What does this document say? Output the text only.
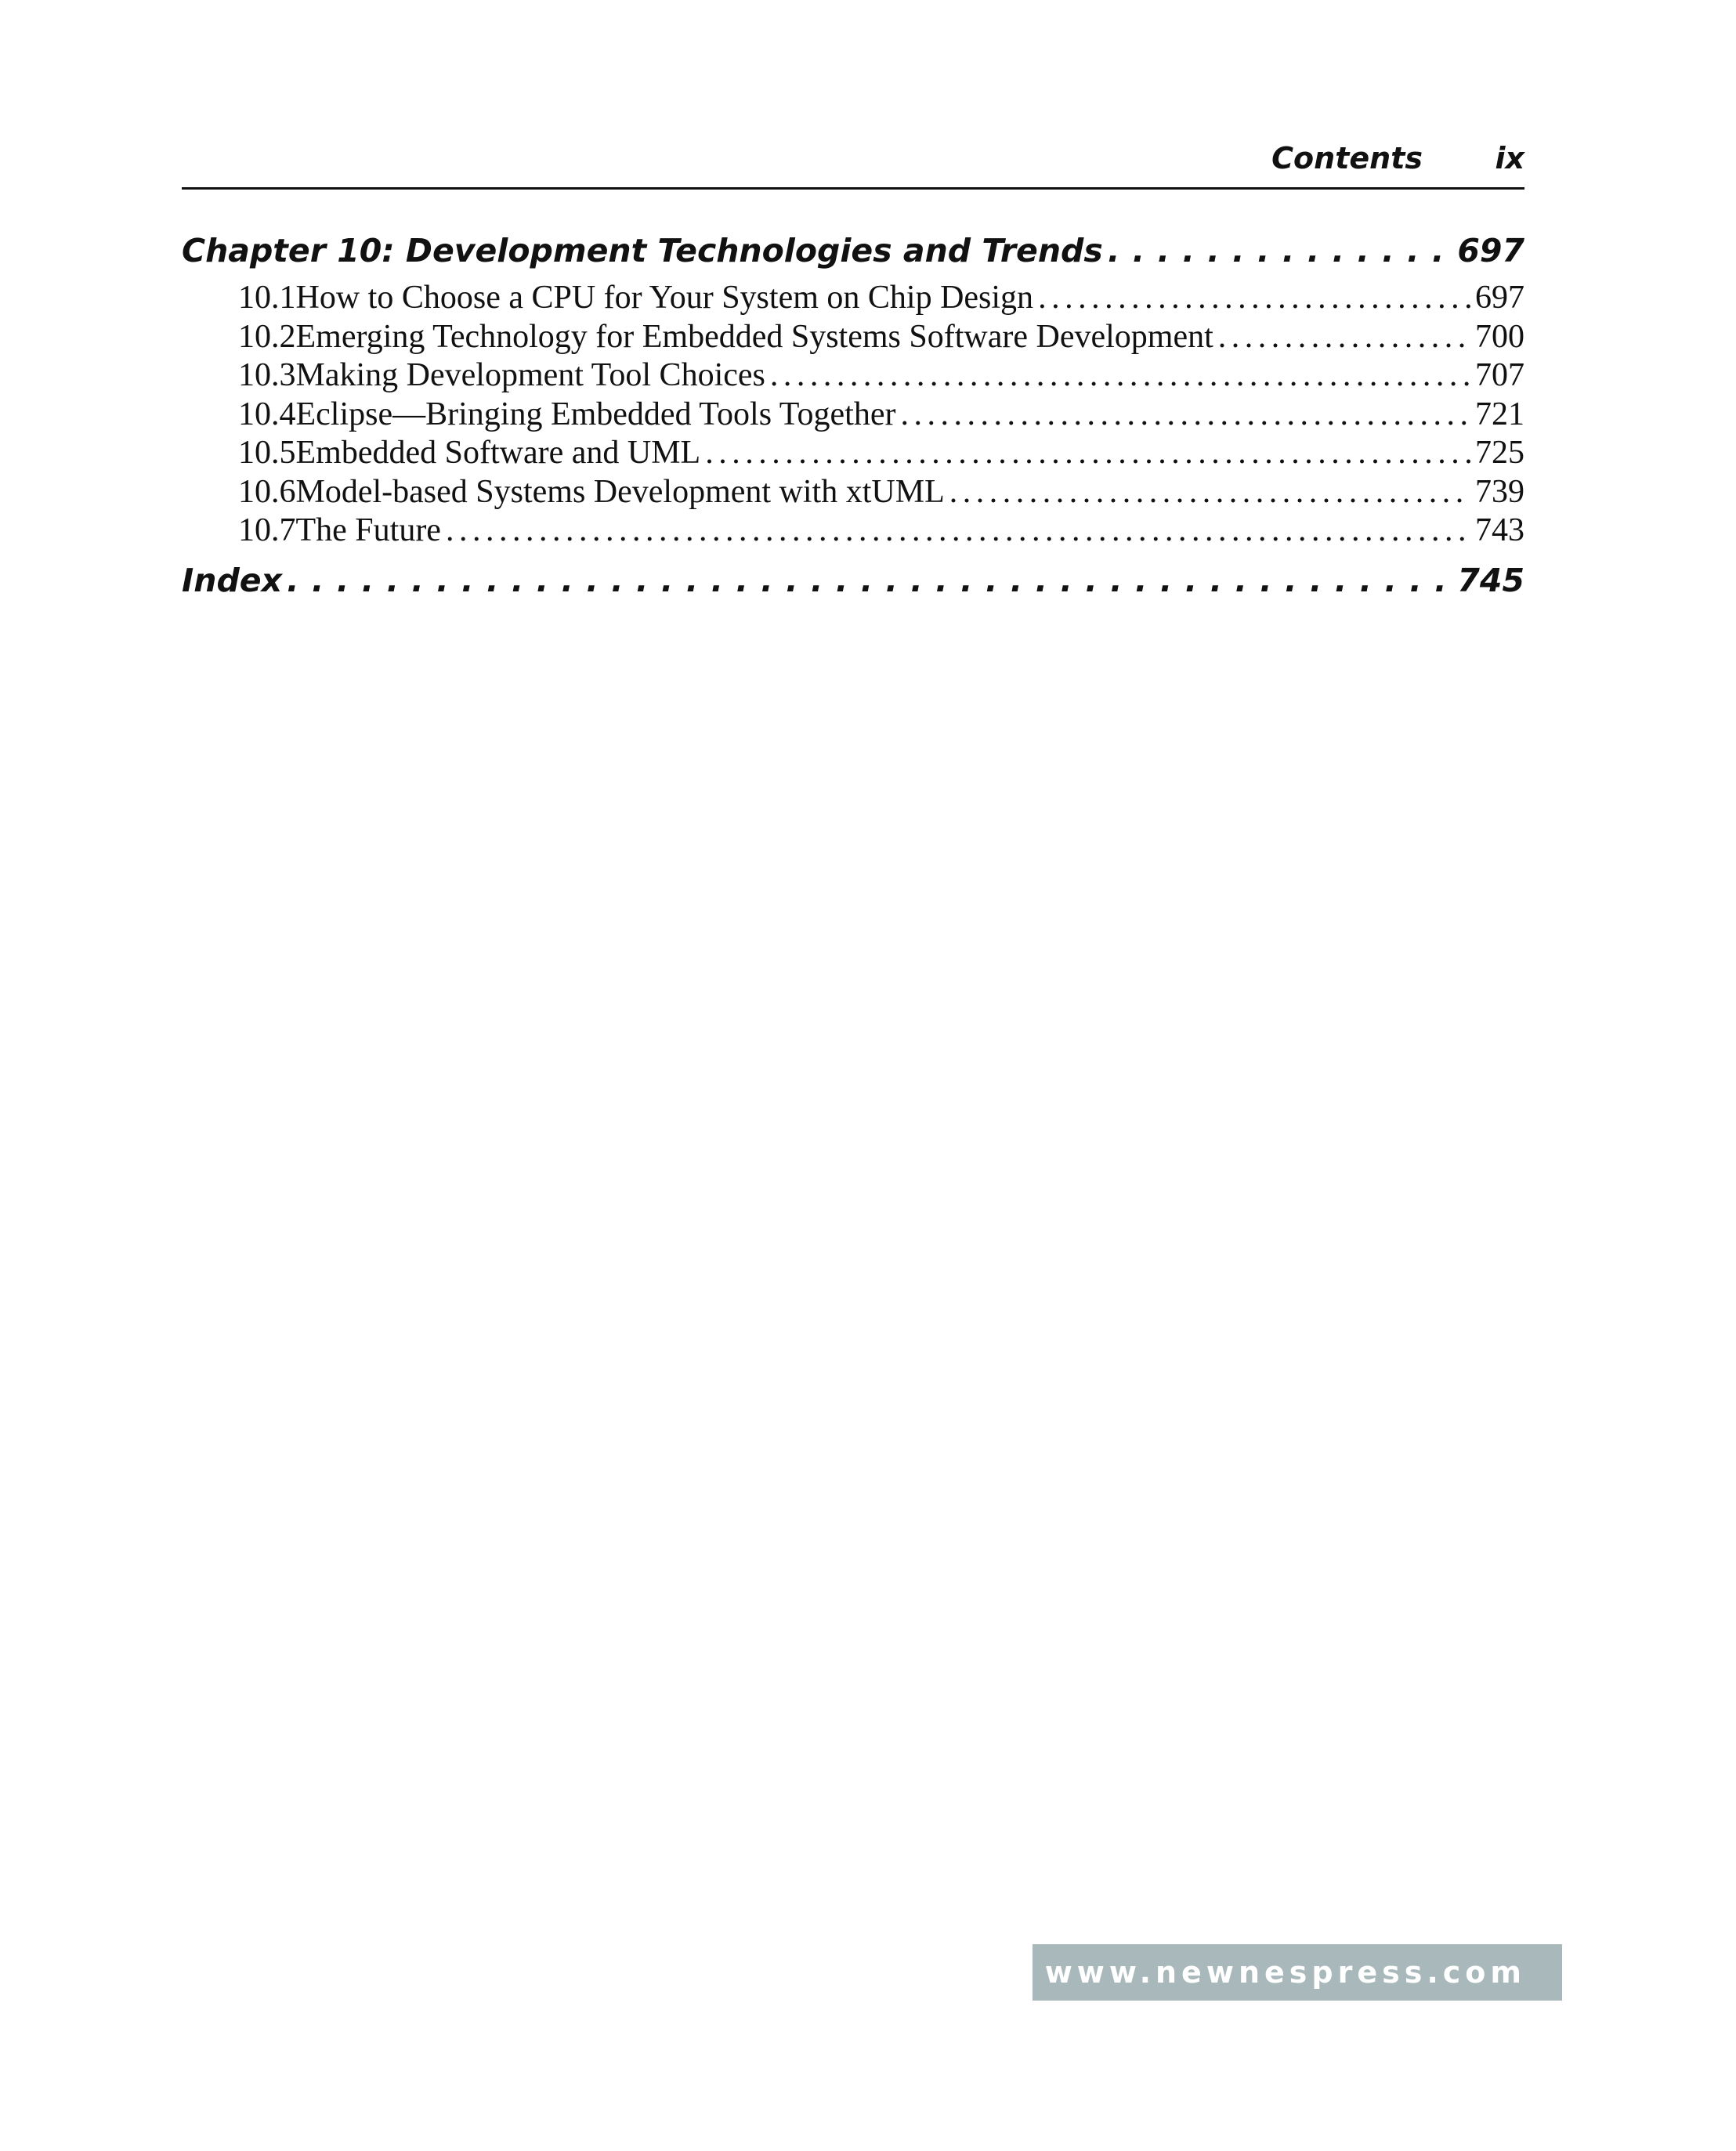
Contents ix
Chapter 10: Development Technologies and Trends . . .	697
10.1 How to Choose a CPU for Your System on Chip Design . . .	697
10.2 Emerging Technology for Embedded Systems Software Development . . .	700
10.3 Making Development Tool Choices . . .	707
10.4 Eclipse—Bringing Embedded Tools Together . . .	721
10.5 Embedded Software and UML . . .	725
10.6 Model-based Systems Development with xtUML . . .	739
10.7 The Future . . .	743
Index . . .	745
www.newnespress.com
